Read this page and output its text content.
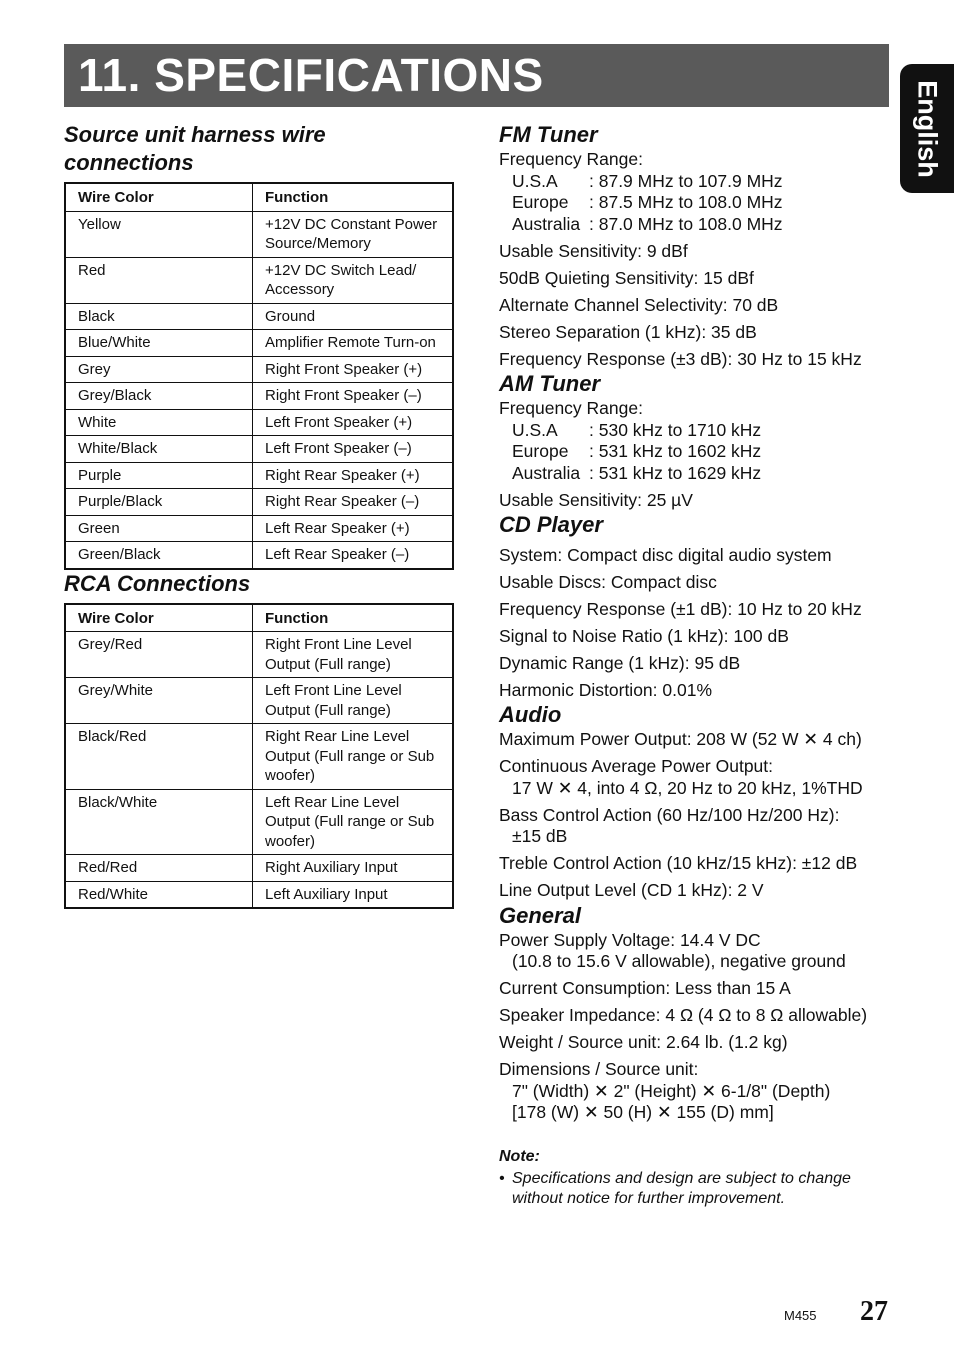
11. SPECIFICATIONS
English
Source unit harness wire connections
Wire Color	Function
Yellow	+12V DC Constant Power
Source/Memory
Red	+12V DC Switch Lead/
Accessory
Black	Ground
Blue/White	Amplifier Remote Turn-on
Grey	Right Front Speaker (+)
Grey/Black	Right Front Speaker (–)
White	Left Front Speaker (+)
White/Black	Left Front Speaker (–)
Purple	Right Rear Speaker (+)
Purple/Black	Right Rear Speaker (–)
Green	Left Rear Speaker (+)
Green/Black	Left Rear Speaker (–)
RCA Connections
Wire Color	Function
Grey/Red	Right Front Line Level
Output (Full range)
Grey/White	Left Front Line Level
Output (Full range)
Black/Red	Right Rear Line Level
Output (Full range or Sub
woofer)
Black/White	Left Rear Line Level
Output (Full range or Sub
woofer)
Red/Red	Right Auxiliary Input
Red/White	Left Auxiliary Input
FM Tuner
Frequency Range:
U.S.A	: 87.9 MHz to 107.9 MHz
Europe	: 87.5 MHz to 108.0 MHz
Australia : 87.0 MHz to 108.0 MHz
Usable Sensitivity: 9 dBf
50dB Quieting Sensitivity: 15 dBf
Alternate Channel Selectivity: 70 dB
Stereo Separation (1 kHz): 35 dB
Frequency Response (±3 dB): 30 Hz to 15 kHz
AM Tuner
Frequency Range:
U.S.A	: 530 kHz to 1710 kHz
Europe	: 531 kHz to 1602 kHz
Australia : 531 kHz to 1629 kHz
Usable Sensitivity: 25 µV
CD Player
System: Compact disc digital audio system
Usable Discs: Compact disc
Frequency Response (±1 dB): 10 Hz to 20 kHz
Signal to Noise Ratio (1 kHz): 100 dB
Dynamic Range (1 kHz): 95 dB
Harmonic Distortion: 0.01%
Audio
Maximum Power Output: 208 W (52 W ✕ 4 ch)
Continuous Average Power Output:
17 W ✕ 4, into 4 Ω, 20 Hz to 20 kHz, 1%THD
Bass Control Action (60 Hz/100 Hz/200 Hz):
±15 dB
Treble Control Action (10 kHz/15 kHz): ±12 dB
Line Output Level (CD 1 kHz): 2 V
General
Power Supply Voltage: 14.4 V DC
(10.8 to 15.6 V allowable), negative ground
Current Consumption: Less than 15 A
Speaker Impedance: 4 Ω (4 Ω to 8 Ω allowable)
Weight / Source unit: 2.64 lb. (1.2 kg)
Dimensions / Source unit:
7" (Width) ✕ 2" (Height) ✕ 6-1/8" (Depth)
[178 (W) ✕ 50 (H) ✕ 155 (D) mm]
Note:
• Specifications and design are subject to change without notice for further improvement.
M455 27
